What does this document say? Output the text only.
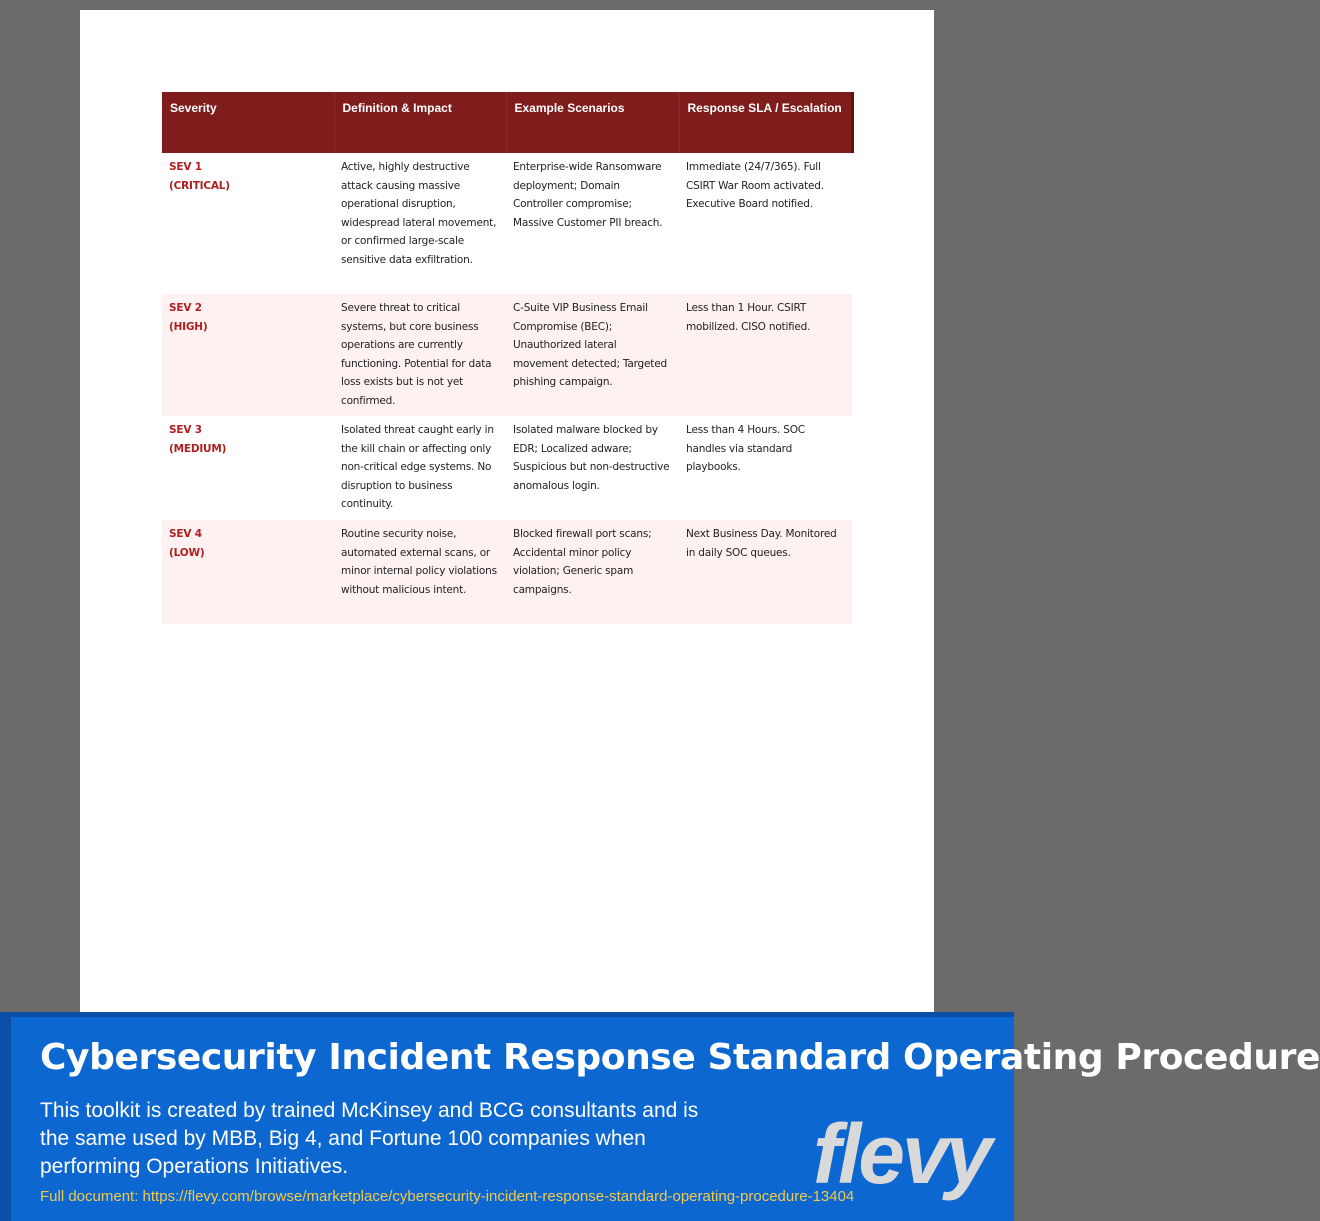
Severity	Definition & Impact	Example Scenarios	Response SLA / Escalation

SEV 1
(CRITICAL)	Active, highly destructive attack causing massive operational disruption, widespread lateral movement, or confirmed large-scale sensitive data exfiltration.	Enterprise-wide Ransomware deployment; Domain Controller compromise; Massive Customer PII breach.	Immediate (24/7/365). Full CSIRT War Room activated. Executive Board notified.

SEV 2
(HIGH)	Severe threat to critical systems, but core business operations are currently functioning. Potential for data loss exists but is not yet confirmed.	C-Suite VIP Business Email Compromise (BEC); Unauthorized lateral movement detected; Targeted phishing campaign.	Less than 1 Hour. CSIRT mobilized. CISO notified.

SEV 3
(MEDIUM)	Isolated threat caught early in the kill chain or affecting only non-critical edge systems. No disruption to business continuity.	Isolated malware blocked by EDR; Localized adware; Suspicious but non-destructive anomalous login.	Less than 4 Hours. SOC handles via standard playbooks.

SEV 4
(LOW)	Routine security noise, automated external scans, or minor internal policy violations without malicious intent.	Blocked firewall port scans; Accidental minor policy violation; Generic spam campaigns.	Next Business Day. Monitored in daily SOC queues.
Cybersecurity Incident Response Standard Operating Procedure
This toolkit is created by trained McKinsey and BCG consultants and is the same used by MBB, Big 4, and Fortune 100 companies when performing Operations Initiatives.
Full document: https://flevy.com/browse/marketplace/cybersecurity-incident-response-standard-operating-procedure-13404
flevy
